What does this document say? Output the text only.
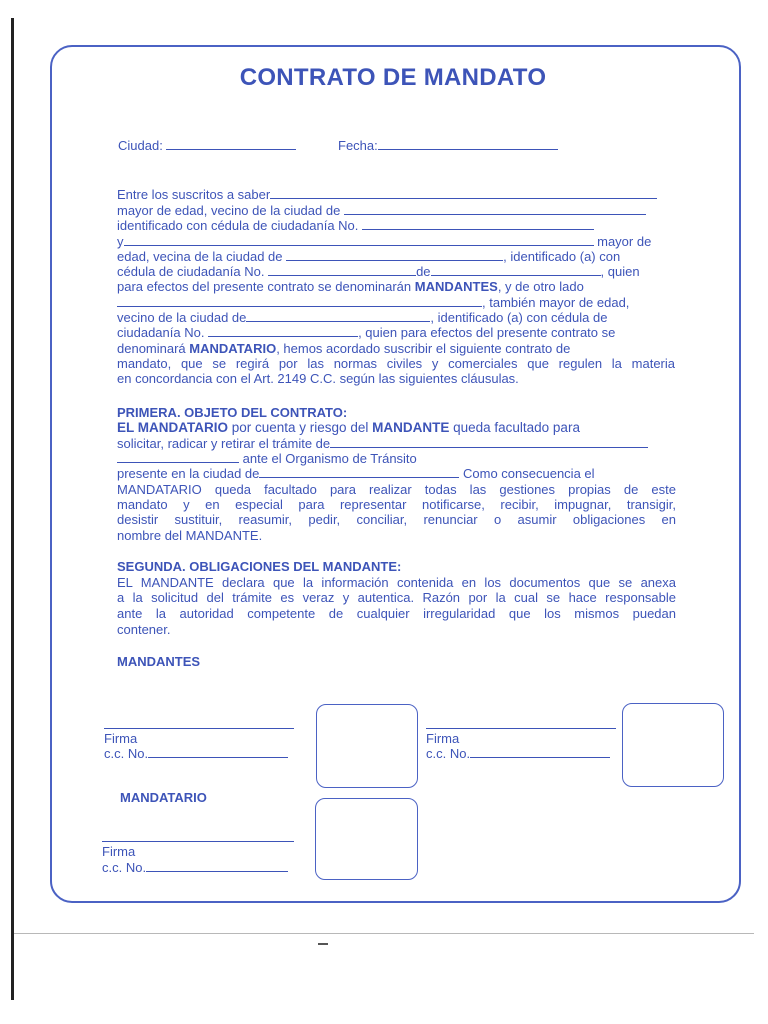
CONTRATO DE MANDATO
Ciudad:	Fecha:
Entre los suscritos a saber
mayor de edad, vecino de la ciudad de
identificado con cédula de ciudadanía No.
y	mayor de
edad, vecina de la ciudad de	, identificado (a) con
cédula de ciudadanía No.	de	, quien
para efectos del presente contrato se denominarán MANDANTES, y de otro lado
, también mayor de edad,
vecino de la ciudad de	, identificado (a) con cédula de
ciudadanía No.	, quien para efectos del presente contrato se
denominará MANDATARIO, hemos acordado suscribir el siguiente contrato de
mandato, que se regirá por las normas civiles y comerciales que regulen la materia
en concordancia con el Art. 2149 C.C. según las siguientes cláusulas.
PRIMERA. OBJETO DEL CONTRATO:
EL MANDATARIO por cuenta y riesgo del MANDANTE queda facultado para
solicitar, radicar y retirar el trámite de
ante el Organismo de Tránsito
presente en la ciudad de	Como consecuencia el
MANDATARIO queda facultado para realizar todas las gestiones propias de este
mandato y en especial para representar notificarse, recibir, impugnar, transigir,
desistir sustituir, reasumir, pedir, conciliar, renunciar o asumir obligaciones en
nombre del MANDANTE.
SEGUNDA. OBLIGACIONES DEL MANDANTE:
EL MANDANTE declara que la información contenida en los documentos que se anexa
a la solicitud del trámite es veraz y autentica. Razón por la cual se hace responsable
ante la autoridad competente de cualquier irregularidad que los mismos puedan
contener.
MANDANTES
Firma
c.c. No.
Firma
c.c. No.
MANDATARIO
Firma
c.c. No.
